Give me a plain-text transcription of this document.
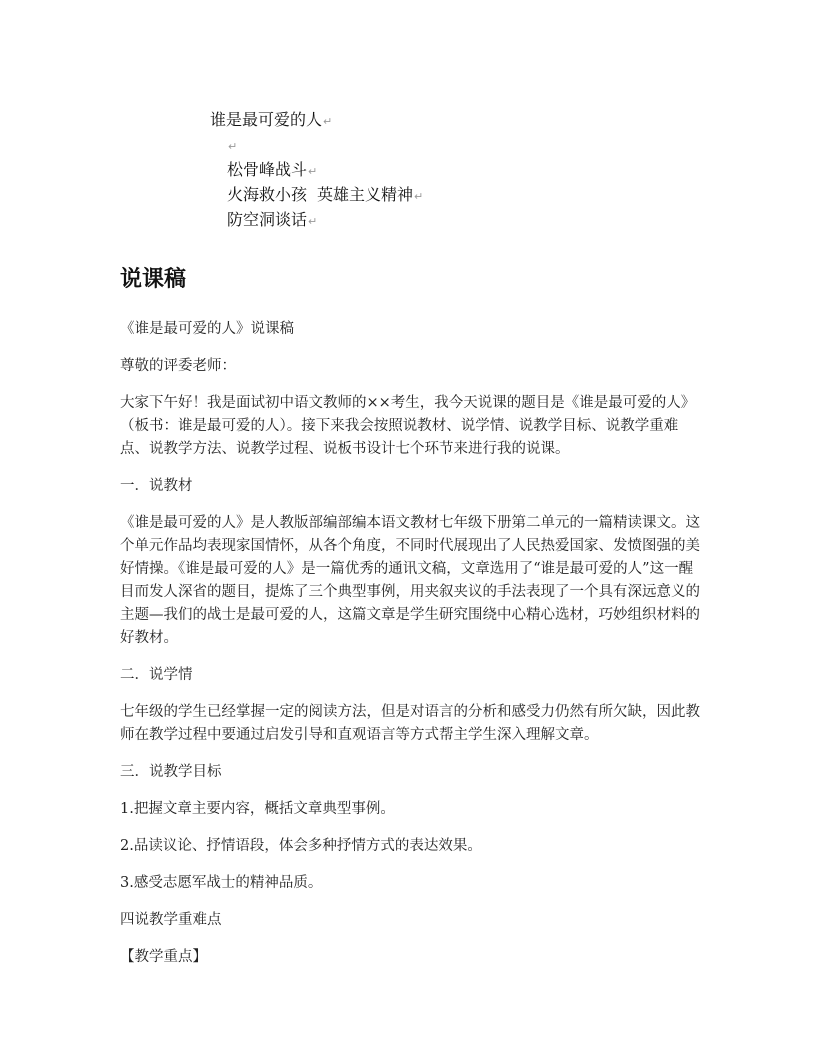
谁是最可爱的人↵
↵
松骨峰战斗↵
火海救小孩 英雄主义精神↵
防空洞谈话↵
说课稿

《谁是最可爱的人》说课稿

尊敬的评委老师：

大家下午好！我是面试初中语文教师的××考生，我今天说课的题目是《谁是最可爱的人》（板书：谁是最可爱的人）。接下来我会按照说教材、说学情、说教学目标、说教学重难点、说教学方法、说教学过程、说板书设计七个环节来进行我的说课。

一．说教材

《谁是最可爱的人》是人教版部编部编本语文教材七年级下册第二单元的一篇精读课文。这个单元作品均表现家国情怀，从各个角度，不同时代展现出了人民热爱国家、发愤图强的美好情操。《谁是最可爱的人》是一篇优秀的通讯文稿，文章选用了“谁是最可爱的人”这一醒目而发人深省的题目，提炼了三个典型事例，用夹叙夹议的手法表现了一个具有深远意义的主题—我们的战士是最可爱的人，这篇文章是学生研究围绕中心精心选材，巧妙组织材料的好教材。

二．说学情

七年级的学生已经掌握一定的阅读方法，但是对语言的分析和感受力仍然有所欠缺，因此教师在教学过程中要通过启发引导和直观语言等方式帮主学生深入理解文章。

三．说教学目标

1.把握文章主要内容，概括文章典型事例。

2.品读议论、抒情语段，体会多种抒情方式的表达效果。

3.感受志愿军战士的精神品质。

四说教学重难点

【教学重点】
